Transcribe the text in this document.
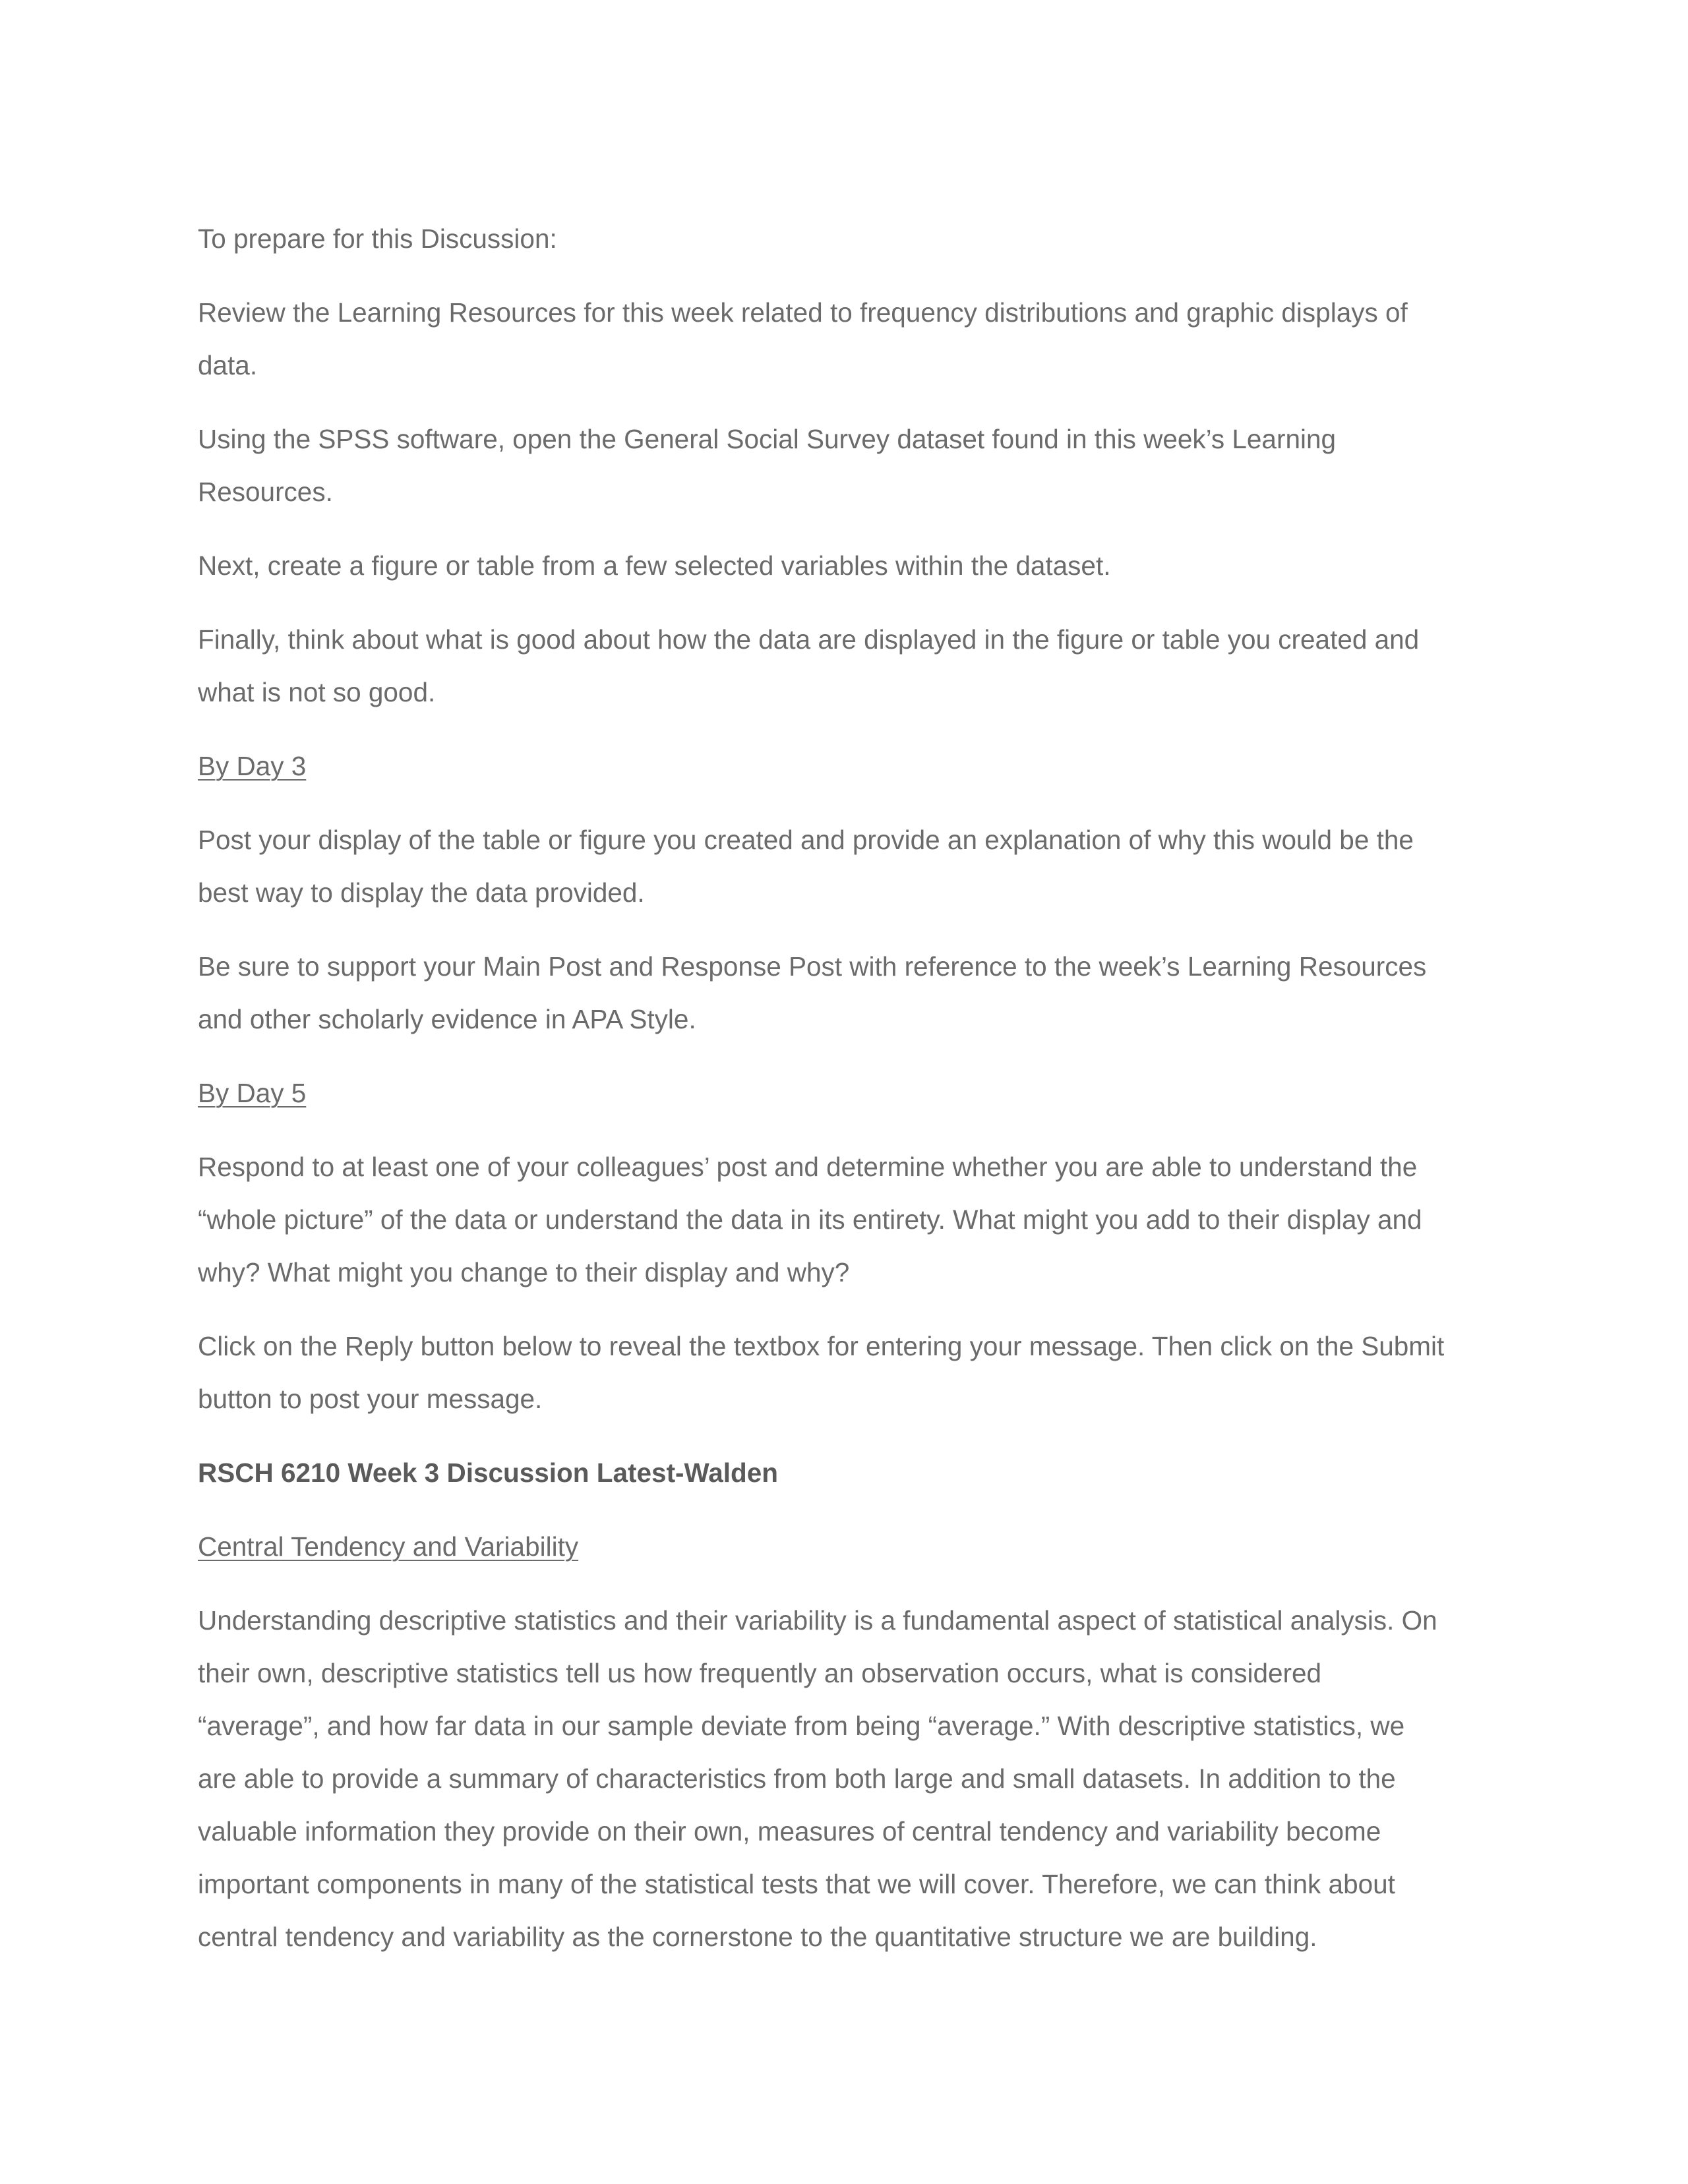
To prepare for this Discussion:

Review the Learning Resources for this week related to frequency distributions and graphic displays of
data.

Using the SPSS software, open the General Social Survey dataset found in this week’s Learning
Resources.

Next, create a figure or table from a few selected variables within the dataset.

Finally, think about what is good about how the data are displayed in the figure or table you created and
what is not so good.

By Day 3

Post your display of the table or figure you created and provide an explanation of why this would be the
best way to display the data provided.

Be sure to support your Main Post and Response Post with reference to the week’s Learning Resources
and other scholarly evidence in APA Style.

By Day 5

Respond to at least one of your colleagues’ post and determine whether you are able to understand the
“whole picture” of the data or understand the data in its entirety. What might you add to their display and
why? What might you change to their display and why?

Click on the Reply button below to reveal the textbox for entering your message. Then click on the Submit
button to post your message.

RSCH 6210 Week 3 Discussion Latest-Walden

Central Tendency and Variability

Understanding descriptive statistics and their variability is a fundamental aspect of statistical analysis. On
their own, descriptive statistics tell us how frequently an observation occurs, what is considered
“average”, and how far data in our sample deviate from being “average.” With descriptive statistics, we
are able to provide a summary of characteristics from both large and small datasets. In addition to the
valuable information they provide on their own, measures of central tendency and variability become
important components in many of the statistical tests that we will cover. Therefore, we can think about
central tendency and variability as the cornerstone to the quantitative structure we are building.
